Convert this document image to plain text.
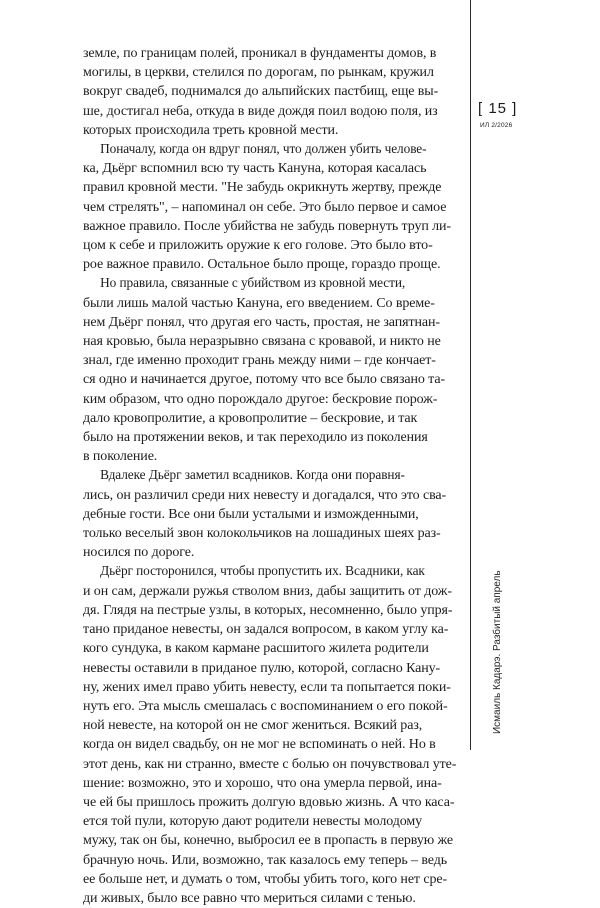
земле, по границам полей, проникал в фундаменты домов, в
могилы, в церкви, стелился по дорогам, по рынкам, кружил
вокруг свадеб, поднимался до альпийских пастбищ, еще вы-
ше, достигал неба, откуда в виде дождя поил водою поля, из
которых происходила треть кровной мести.
Поначалу, когда он вдруг понял, что должен убить челове-
ка, Дьёрг вспомнил всю ту часть Кануна, которая касалась
правил кровной мести. "Не забудь окрикнуть жертву, прежде
чем стрелять", – напоминал он себе. Это было первое и самое
важное правило. После убийства не забудь повернуть труп ли-
цом к себе и приложить оружие к его голове. Это было вто-
рое важное правило. Остальное было проще, гораздо проще.
Но правила, связанные с убийством из кровной мести,
были лишь малой частью Кануна, его введением. Со време-
нем Дьёрг понял, что другая его часть, простая, не запятнан-
ная кровью, была неразрывно связана с кровавой, и никто не
знал, где именно проходит грань между ними – где кончает-
ся одно и начинается другое, потому что все было связано та-
ким образом, что одно порождало другое: бескровие порож-
дало кровопролитие, а кровопролитие – бескровие, и так
было на протяжении веков, и так переходило из поколения
в поколение.
Вдалеке Дьёрг заметил всадников. Когда они поравня-
лись, он различил среди них невесту и догадался, что это сва-
дебные гости. Все они были усталыми и изможденными,
только веселый звон колокольчиков на лошадиных шеях раз-
носился по дороге.
Дьёрг посторонился, чтобы пропустить их. Всадники, как
и он сам, держали ружья стволом вниз, дабы защитить от дож-
дя. Глядя на пестрые узлы, в которых, несомненно, было упря-
тано приданое невесты, он задался вопросом, в каком углу ка-
кого сундука, в каком кармане расшитого жилета родители
невесты оставили в приданое пулю, которой, согласно Кану-
ну, жених имел право убить невесту, если та попытается поки-
нуть его. Эта мысль смешалась с воспоминанием о его покой-
ной невесте, на которой он не смог жениться. Всякий раз,
когда он видел свадьбу, он не мог не вспоминать о ней. Но в
этот день, как ни странно, вместе с болью он почувствовал уте-
шение: возможно, это и хорошо, что она умерла первой, ина-
че ей бы пришлось прожить долгую вдовью жизнь. А что каса-
ется той пули, которую дают родители невесты молодому
мужу, так он бы, конечно, выбросил ее в пропасть в первую же
брачную ночь. Или, возможно, так казалось ему теперь – ведь
ее больше нет, и думать о том, чтобы убить того, кого нет сре-
ди живых, было все равно что мериться силами с тенью.
[ 15 ]
ИЛ 2/2026
Исмаиль Кадарэ. Разбитый апрель
